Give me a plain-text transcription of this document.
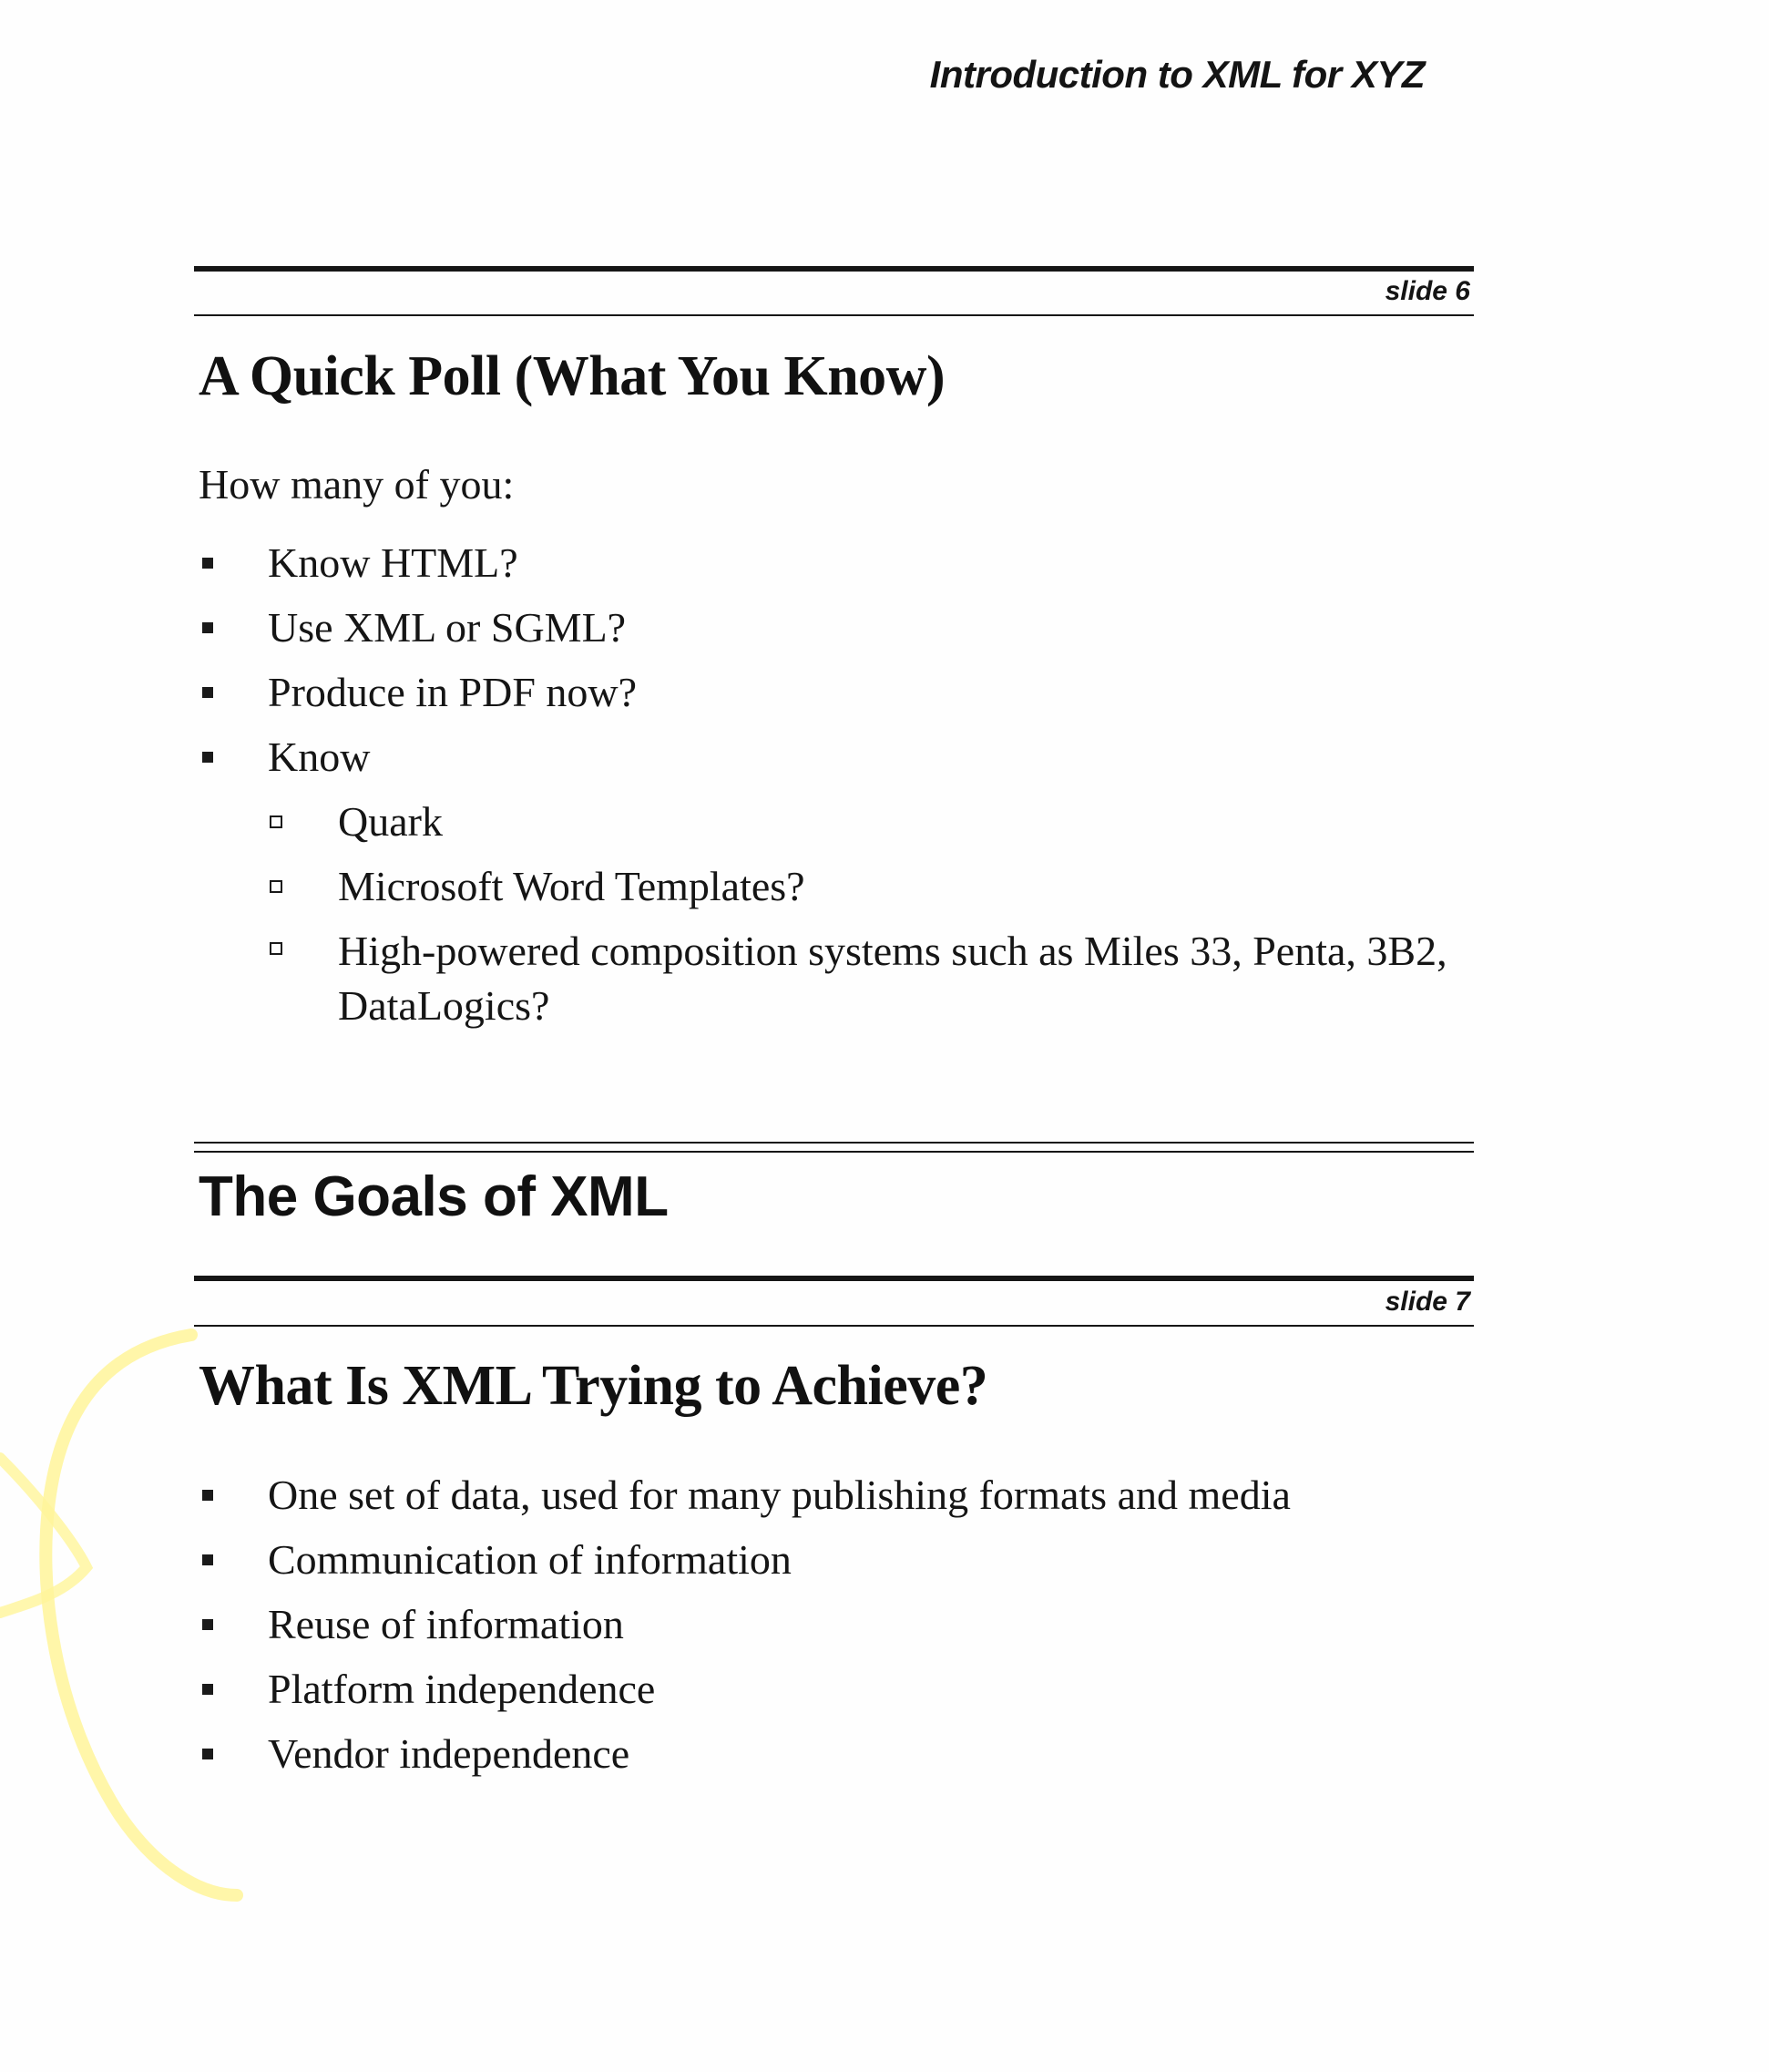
Introduction to XML for XYZ
slide 6
A Quick Poll (What You Know)
How many of you:
Know HTML?
Use XML or SGML?
Produce in PDF now?
Know
Quark
Microsoft Word Templates?
High-powered composition systems such as Miles 33, Penta, 3B2, DataLogics?
The Goals of XML
slide 7
What Is XML Trying to Achieve?
One set of data, used for many publishing formats and media
Communication of information
Reuse of information
Platform independence
Vendor independence
